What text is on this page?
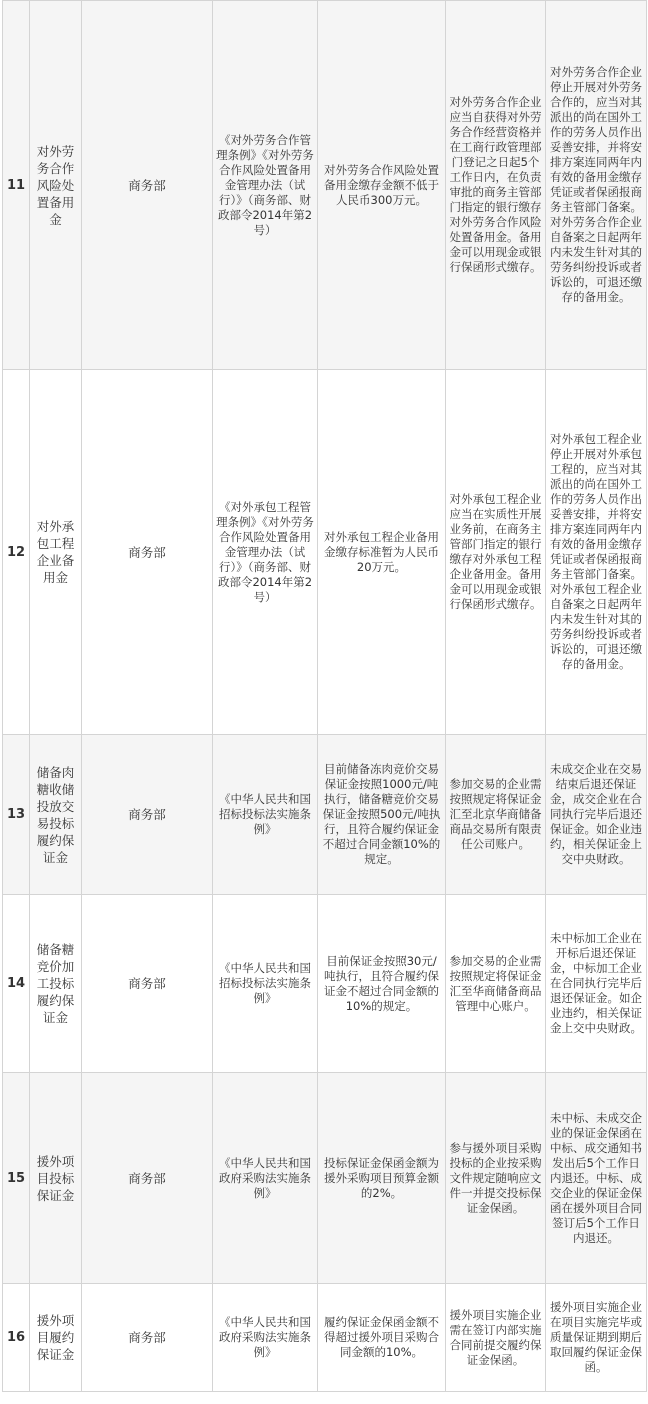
11	对外劳务合作风险处置备用金	商务部	《对外劳务合作管理条例》《对外劳务合作风险处置备用金管理办法（试行）》（商务部、财政部令2014年第2号）	对外劳务合作风险处置备用金缴存金额不低于人民币300万元。	对外劳务合作企业应当自获得对外劳务合作经营资格并在工商行政管理部门登记之日起5个工作日内，在负责审批的商务主管部门指定的银行缴存对外劳务合作风险处置备用金。备用金可以用现金或银行保函形式缴存。	对外劳务合作企业停止开展对外劳务合作的，应当对其派出的尚在国外工作的劳务人员作出妥善安排，并将安排方案连同两年内有效的备用金缴存凭证或者保函报商务主管部门备案。对外劳务合作企业自备案之日起两年内未发生针对其的劳务纠纷投诉或者诉讼的，可退还缴存的备用金。
12	对外承包工程企业备用金	商务部	《对外承包工程管理条例》《对外劳务合作风险处置备用金管理办法（试行）》（商务部、财政部令2014年第2号）	对外承包工程企业备用金缴存标准暂为人民币20万元。	对外承包工程企业应当在实质性开展业务前，在商务主管部门指定的银行缴存对外承包工程企业备用金。备用金可以用现金或银行保函形式缴存。	对外承包工程企业停止开展对外承包工程的，应当对其派出的尚在国外工作的劳务人员作出妥善安排，并将安排方案连同两年内有效的备用金缴存凭证或者保函报商务主管部门备案。对外承包工程企业自备案之日起两年内未发生针对其的劳务纠纷投诉或者诉讼的，可退还缴存的备用金。
13	储备肉糖收储投放交易投标履约保证金	商务部	《中华人民共和国招标投标法实施条例》	目前储备冻肉竞价交易保证金按照1000元/吨执行，储备糖竞价交易保证金按照500元/吨执行，且符合履约保证金不超过合同金额10%的规定。	参加交易的企业需按照规定将保证金汇至北京华商储备商品交易所有限责任公司账户。	未成交企业在交易结束后退还保证金，成交企业在合同执行完毕后退还保证金。如企业违约，相关保证金上交中央财政。
14	储备糖竞价加工投标履约保证金	商务部	《中华人民共和国招标投标法实施条例》	目前保证金按照30元/吨执行，且符合履约保证金不超过合同金额的10%的规定。	参加交易的企业需按照规定将保证金汇至华商储备商品管理中心账户。	未中标加工企业在开标后退还保证金，中标加工企业在合同执行完毕后退还保证金。如企业违约，相关保证金上交中央财政。
15	援外项目投标保证金	商务部	《中华人民共和国政府采购法实施条例》	投标保证金保函金额为援外采购项目预算金额的2%。	参与援外项目采购投标的企业按采购文件规定随响应文件一并提交投标保证金保函。	未中标、未成交企业的保证金保函在中标、成交通知书发出后5个工作日内退还。中标、成交企业的保证金保函在援外项目合同签订后5个工作日内退还。
16	援外项目履约保证金	商务部	《中华人民共和国政府采购法实施条例》	履约保证金保函金额不得超过援外项目采购合同金额的10%。	援外项目实施企业需在签订内部实施合同前提交履约保证金保函。	援外项目实施企业在项目实施完毕或质量保证期到期后取回履约保证金保函。
